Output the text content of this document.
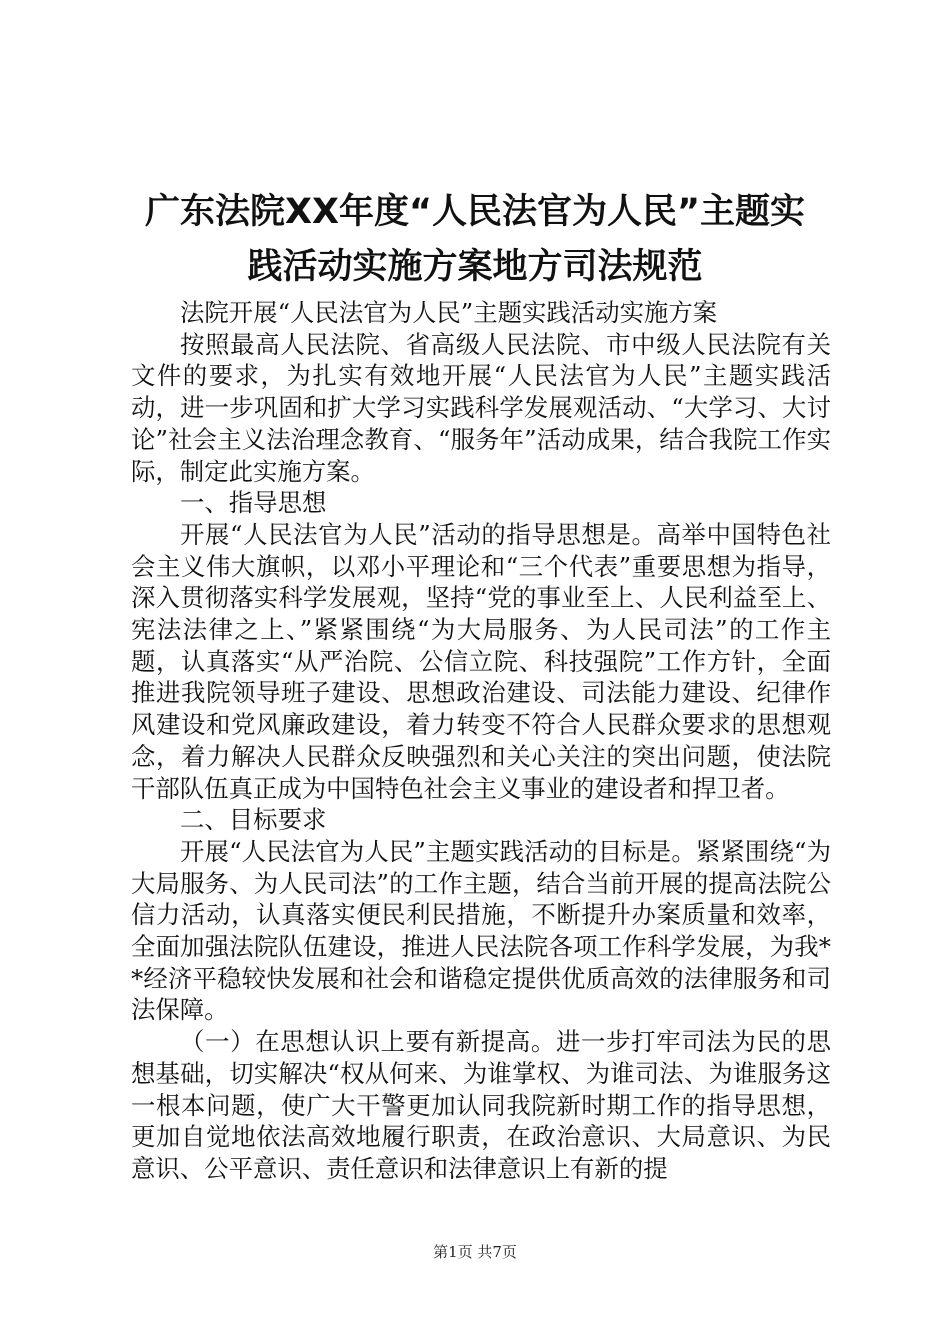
广东法院XX年度“人民法官为人民”主题实
践活动实施方案地方司法规范

法院开展“人民法官为人民”主题实践活动实施方案

按照最高人民法院、省高级人民法院、市中级人民法院有关文件的要求，为扎实有效地开展“人民法官为人民”主题实践活动，进一步巩固和扩大学习实践科学发展观活动、“大学习、大讨论”社会主义法治理念教育、“服务年”活动成果，结合我院工作实际，制定此实施方案。

一、指导思想

开展“人民法官为人民”活动的指导思想是。高举中国特色社会主义伟大旗帜，以邓小平理论和“三个代表”重要思想为指导，深入贯彻落实科学发展观，坚持“党的事业至上、人民利益至上、宪法法律之上、”紧紧围绕“为大局服务、为人民司法”的工作主题，认真落实“从严治院、公信立院、科技强院”工作方针，全面推进我院领导班子建设、思想政治建设、司法能力建设、纪律作风建设和党风廉政建设，着力转变不符合人民群众要求的思想观念，着力解决人民群众反映强烈和关心关注的突出问题，使法院干部队伍真正成为中国特色社会主义事业的建设者和捍卫者。

二、目标要求

开展“人民法官为人民”主题实践活动的目标是。紧紧围绕“为大局服务、为人民司法”的工作主题，结合当前开展的提高法院公信力活动，认真落实便民利民措施，不断提升办案质量和效率，全面加强法院队伍建设，推进人民法院各项工作科学发展，为我**经济平稳较快发展和社会和谐稳定提供优质高效的法律服务和司法保障。

（一）在思想认识上要有新提高。进一步打牢司法为民的思想基础，切实解决“权从何来、为谁掌权、为谁司法、为谁服务这一根本问题，使广大干警更加认同我院新时期工作的指导思想，更加自觉地依法高效地履行职责，在政治意识、大局意识、为民意识、公平意识、责任意识和法律意识上有新的提

第1页 共7页
